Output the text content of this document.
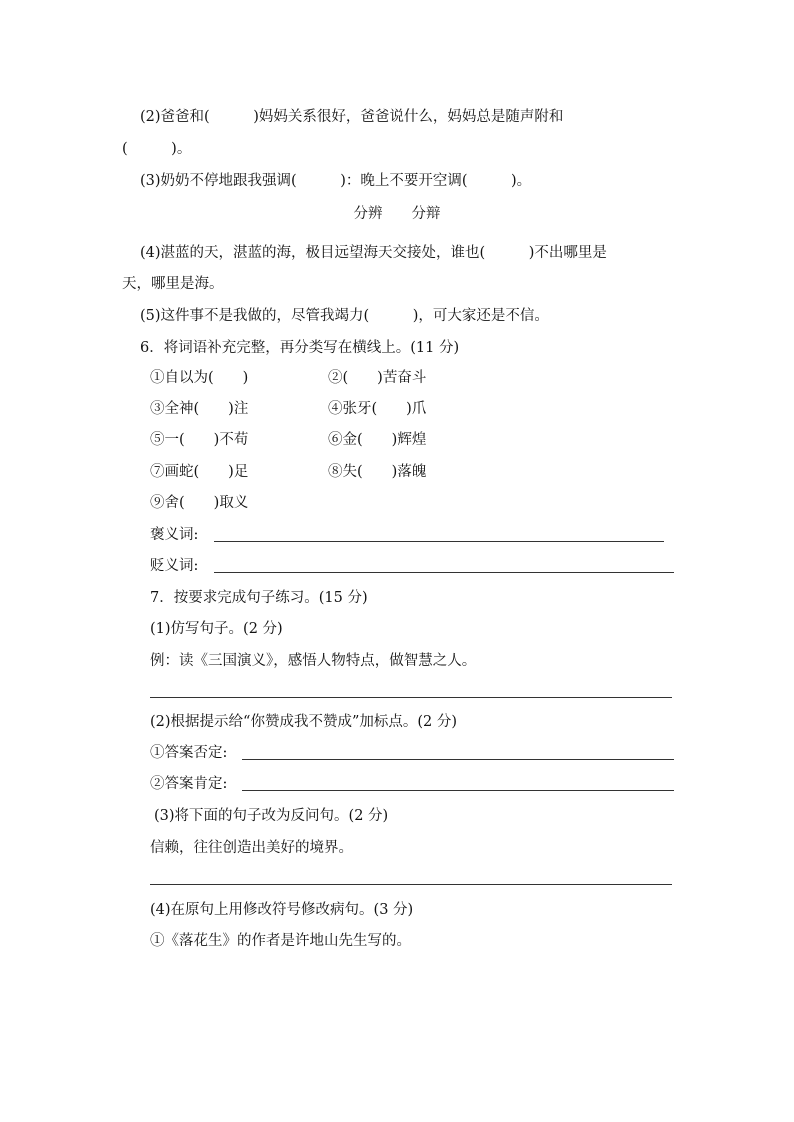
(2)爸爸和(　　　)妈妈关系很好，爸爸说什么，妈妈总是随声附和
(　　　)。
(3)奶奶不停地跟我强调(　　　)：晚上不要开空调(　　　)。
分辨　　分辩
(4)湛蓝的天，湛蓝的海，极目远望海天交接处，谁也(　　　)不出哪里是
天，哪里是海。
(5)这件事不是我做的，尽管我竭力(　　　)，可大家还是不信。
6．将词语补充完整，再分类写在横线上。(11 分)
①自以为(　　)	②(　　)苦奋斗
③全神(　　)注	④张牙(　　)爪
⑤一(　　)不苟	⑥金(　　)辉煌
⑦画蛇(　　)足	⑧失(　　)落魄
⑨舍(　　)取义
褒义词:
贬义词:
7．按要求完成句子练习。(15 分)
(1)仿写句子。(2 分)
例：读《三国演义》，感悟人物特点，做智慧之人。
(2)根据提示给“你赞成我不赞成”加标点。(2 分)
①答案否定:
②答案肯定:
(3)将下面的句子改为反问句。(2 分)
信赖，往往创造出美好的境界。
(4)在原句上用修改符号修改病句。(3 分)
①《落花生》的作者是许地山先生写的。
